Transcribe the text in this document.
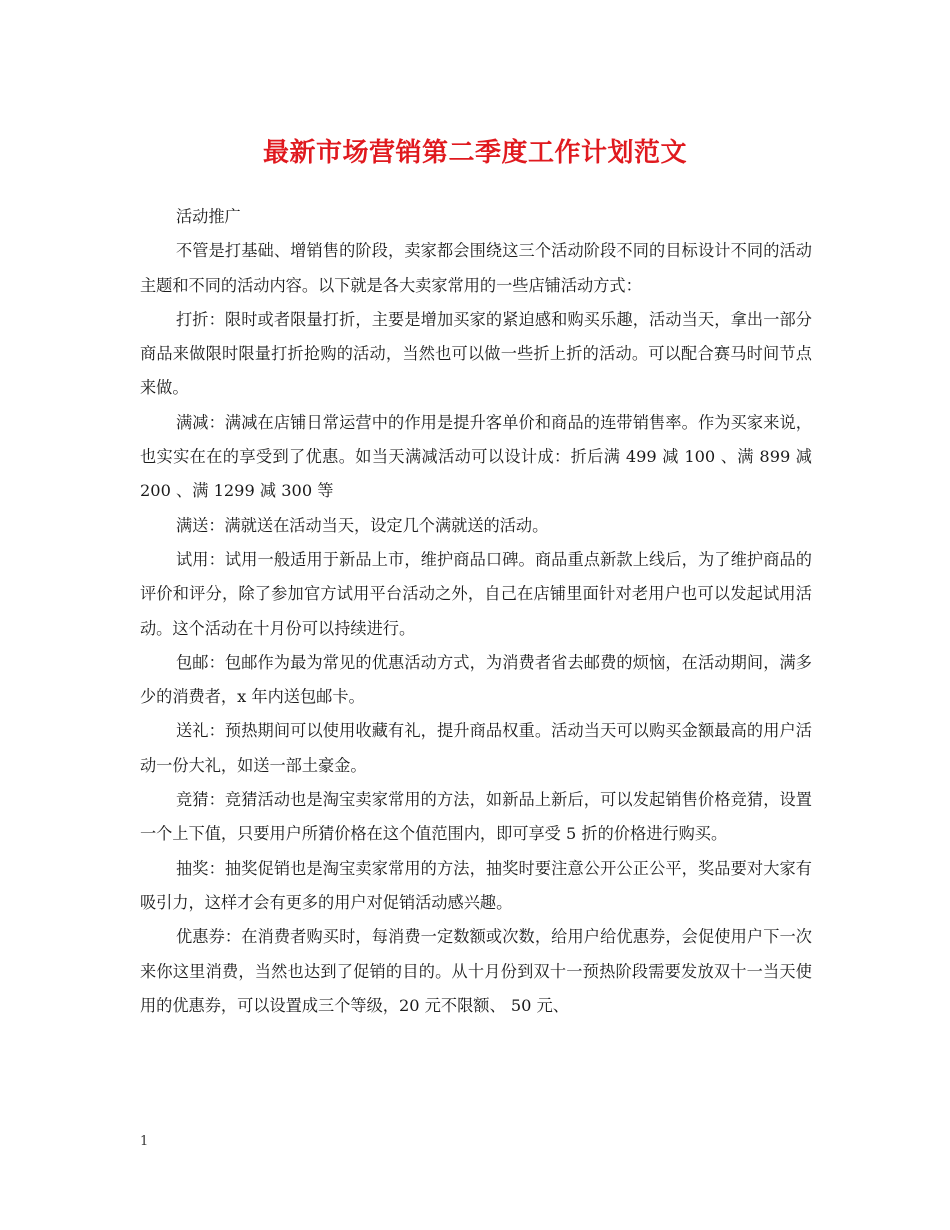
最新市场营销第二季度工作计划范文

活动推广

不管是打基础、增销售的阶段，卖家都会围绕这三个活动阶段不同的目标设计不同的活动主题和不同的活动内容。以下就是各大卖家常用的一些店铺活动方式：

打折：限时或者限量打折，主要是增加买家的紧迫感和购买乐趣，活动当天，拿出一部分商品来做限时限量打折抢购的活动，当然也可以做一些折上折的活动。可以配合赛马时间节点来做。

满减：满减在店铺日常运营中的作用是提升客单价和商品的连带销售率。作为买家来说，也实实在在的享受到了优惠。如当天满减活动可以设计成：折后满 499 减 100 、满 899 减 200 、满 1299 减 300 等

满送：满就送在活动当天，设定几个满就送的活动。

试用：试用一般适用于新品上市，维护商品口碑。商品重点新款上线后，为了维护商品的评价和评分，除了参加官方试用平台活动之外，自己在店铺里面针对老用户也可以发起试用活动。这个活动在十月份可以持续进行。

包邮：包邮作为最为常见的优惠活动方式，为消费者省去邮费的烦恼，在活动期间，满多少的消费者，x 年内送包邮卡。

送礼：预热期间可以使用收藏有礼，提升商品权重。活动当天可以购买金额最高的用户活动一份大礼，如送一部土豪金。

竞猜：竞猜活动也是淘宝卖家常用的方法，如新品上新后，可以发起销售价格竞猜，设置一个上下值，只要用户所猜价格在这个值范围内，即可享受 5 折的价格进行购买。

抽奖：抽奖促销也是淘宝卖家常用的方法，抽奖时要注意公开公正公平，奖品要对大家有吸引力，这样才会有更多的用户对促销活动感兴趣。

优惠券：在消费者购买时，每消费一定数额或次数，给用户给优惠券，会促使用户下一次来你这里消费，当然也达到了促销的目的。从十月份到双十一预热阶段需要发放双十一当天使用的优惠券，可以设置成三个等级，20 元不限额、 50 元、

1
